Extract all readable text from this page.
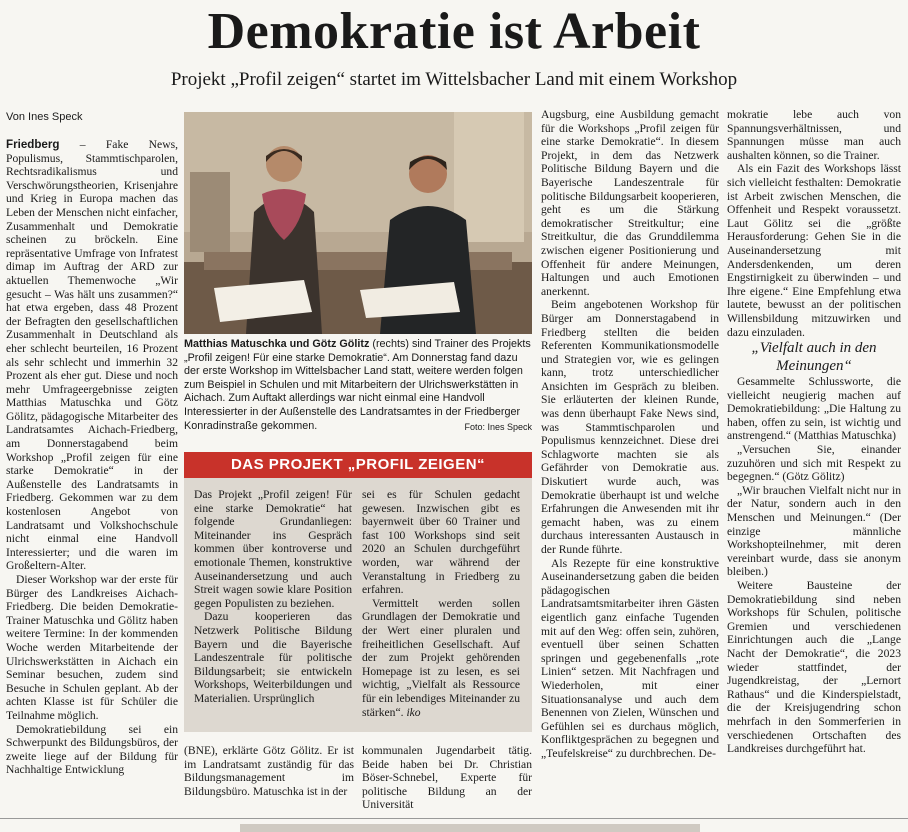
Demokratie ist Arbeit
Projekt „Profil zeigen“ startet im Wittelsbacher Land mit einem Workshop
Von Ines Speck

Friedberg – Fake News, Populismus, Stammtischparolen, Rechtsradikalismus und Verschwörungstheorien, Krisenjahre und Krieg in Europa machen das Leben der Menschen nicht einfacher, Zusammenhalt und Demokratie scheinen zu bröckeln. Eine repräsentative Umfrage von Infratest dimap im Auftrag der ARD zur aktuellen Themenwoche „Wir gesucht – Was hält uns zusammen?“ hat etwa ergeben, dass 48 Prozent der Befragten den gesellschaftlichen Zusammenhalt in Deutschland als eher schlecht beurteilen, 16 Prozent als sehr schlecht und immerhin 32 Prozent als eher gut. Diese und noch mehr Umfrageergebnisse zeigten Matthias Matuschka und Götz Gölitz, pädagogische Mitarbeiter des Landratsamtes Aichach-Friedberg, am Donnerstagabend beim Workshop „Profil zeigen für eine starke Demokratie“ in der Außenstelle des Landratsamts in Friedberg. Gekommen war zu dem kostenlosen Angebot von Landratsamt und Volkshochschule nicht einmal eine Handvoll Interessierter; und die waren im Großeltern-Alter.

Dieser Workshop war der erste für Bürger des Landkreises Aichach-Friedberg. Die beiden Demokratie-Trainer Matuschka und Gölitz haben weitere Termine: In der kommenden Woche werden Mitarbeitende der Ulrichswerkstätten in Aichach ein Seminar besuchen, zudem sind Besuche in Schulen geplant. Ab der achten Klasse ist für Schüler die Teilnahme möglich.

Demokratiebildung sei ein Schwerpunkt des Bildungsbüros, der zweite liege auf der Bildung für Nachhaltige Entwicklung

Matthias Matuschka und Götz Gölitz (rechts) sind Trainer des Projekts „Profil zeigen! Für eine starke Demokratie“. Am Donnerstag fand dazu der erste Workshop im Wittelsbacher Land statt, weitere werden folgen zum Beispiel in Schulen und mit Mitarbeitern der Ulrichswerkstätten in Aichach. Zum Auftakt allerdings war nicht einmal eine Handvoll Interessierter in der Außenstelle des Landratsamtes in der Friedberger Konradinstraße gekommen.	Foto: Ines Speck
DAS PROJEKT „PROFIL ZEIGEN“

Das Projekt „Profil zeigen! Für eine starke Demokratie“ hat folgende Grundanliegen: Miteinander ins Gespräch kommen über kontroverse und emotionale Themen, konstruktive Auseinandersetzung und auch Streit wagen sowie klare Position gegen Populisten zu beziehen.

Dazu kooperieren das Netzwerk Politische Bildung Bayern und die Bayerische Landeszentrale für politische Bildungsarbeit; sie entwickeln Workshops, Weiterbildungen und Materialien. Ursprünglich

sei es für Schulen gedacht gewesen. Inzwischen gibt es bayernweit über 60 Trainer und fast 100 Workshops sind seit 2020 an Schulen durchgeführt worden, war während der Veranstaltung in Friedberg zu erfahren.

Vermittelt werden sollen Grundlagen der Demokratie und der Wert einer pluralen und freiheitlichen Gesellschaft. Auf der zum Projekt gehörenden Homepage ist zu lesen, es sei wichtig, „Vielfalt als Ressource für ein lebendiges Miteinander zu stärken“. iko

(BNE), erklärte Götz Gölitz. Er ist im Landratsamt zuständig für das Bildungsmanagement im Bildungsbüro. Matuschka ist in der
kommunalen Jugendarbeit tätig. Beide haben bei Dr. Christian Böser-Schnebel, Experte für politische Bildung an der Universität

Augsburg, eine Ausbildung gemacht für die Workshops „Profil zeigen für eine starke Demokratie“. In diesem Projekt, in dem das Netzwerk Politische Bildung Bayern und die Bayerische Landeszentrale für politische Bildungsarbeit kooperieren, geht es um die Stärkung demokratischer Streitkultur; eine Streitkultur, die das Grunddilemma zwischen eigener Positionierung und Offenheit für andere Meinungen, Haltungen und auch Emotionen anerkennt.

Beim angebotenen Workshop für Bürger am Donnerstagabend in Friedberg stellten die beiden Referenten Kommunikationsmodelle und Strategien vor, wie es gelingen kann, trotz unterschiedlicher Ansichten im Gespräch zu bleiben. Sie erläuterten der kleinen Runde, was denn überhaupt Fake News sind, was Stammtischparolen und Populismus kennzeichnet. Diese drei Schlagworte machten sie als Gefährder von Demokratie aus. Diskutiert wurde auch, was Demokratie überhaupt ist und welche Erfahrungen die Anwesenden mit ihr gemacht haben, was zu einem durchaus interessanten Austausch in der Runde führte.

Als Rezepte für eine konstruktive Auseinandersetzung gaben die beiden pädagogischen Landratsamtsmitarbeiter ihren Gästen eigentlich ganz einfache Tugenden mit auf den Weg: offen sein, zuhören, eventuell über seinen Schatten springen und gegebenenfalls „rote Linien“ setzen. Mit Nachfragen und Wiederholen, mit einer Situationsanalyse und auch dem Benennen von Zielen, Wünschen und Gefühlen sei es durchaus möglich, Konfliktgesprächen zu begegnen und „Teufelskreise“ zu durchbrechen. De-

mokratie lebe auch von Spannungsverhältnissen, und Spannungen müsse man auch aushalten können, so die Trainer.

Als ein Fazit des Workshops lässt sich vielleicht festhalten: Demokratie ist Arbeit zwischen Menschen, die Offenheit und Respekt voraussetzt. Laut Gölitz sei die „größte Herausforderung: Gehen Sie in die Auseinandersetzung mit Andersdenkenden, um deren Engstirnigkeit zu überwinden – und Ihre eigene.“ Eine Empfehlung etwa lautete, bewusst an der politischen Willensbildung mitzuwirken und dazu einzuladen.

„Vielfalt auch in den Meinungen“

Gesammelte Schlussworte, die vielleicht neugierig machen auf Demokratiebildung: „Die Haltung zu haben, offen zu sein, ist wichtig und anstrengend.“ (Matthias Matuschka)

„Versuchen Sie, einander zuzuhören und sich mit Respekt zu begegnen.“ (Götz Gölitz)

„Wir brauchen Vielfalt nicht nur in der Natur, sondern auch in den Menschen und Meinungen.“ (Der einzige männliche Workshopteilnehmer, mit deren vereinbart wurde, dass sie anonym bleiben.)

Weitere Bausteine der Demokratiebildung sind neben Workshops für Schulen, politische Gremien und verschiedenen Einrichtungen auch die „Lange Nacht der Demokratie“, die 2023 wieder stattfindet, der Jugendkreistag, der „Lernort Rathaus“ und die Kinderspielstadt, die der Kreisjugendring schon mehrfach in den Sommerferien in verschiedenen Ortschaften des Landkreises durchgeführt hat.
